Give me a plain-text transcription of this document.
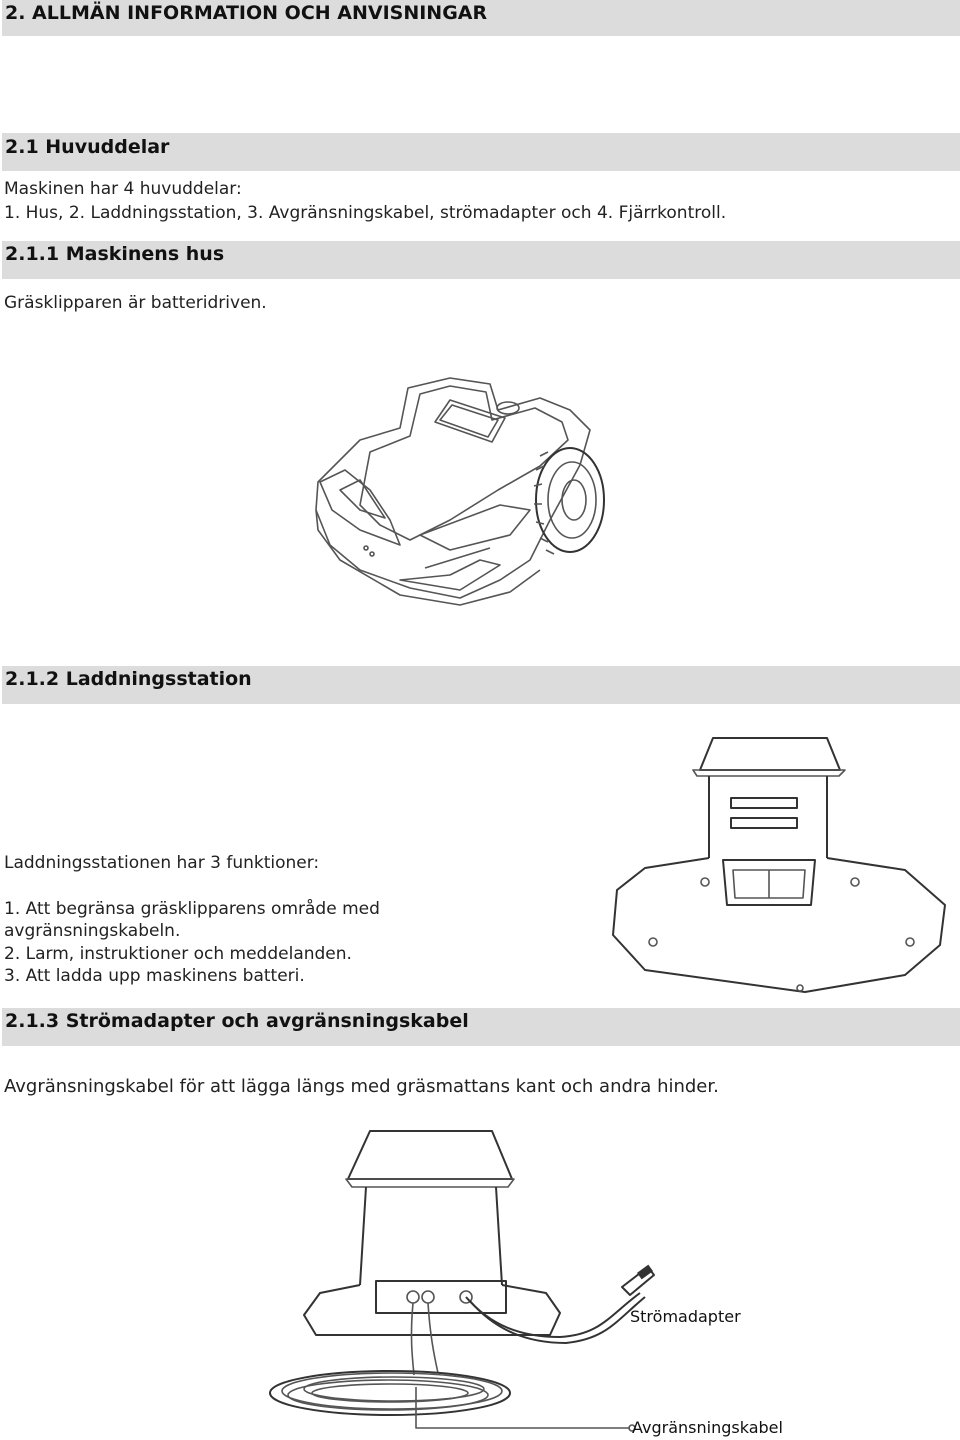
2. ALLMÄN INFORMATION OCH ANVISNINGAR
2.1 Huvuddelar
Maskinen har 4 huvuddelar:
1. Hus, 2. Laddningsstation, 3. Avgränsningskabel, strömadapter och 4. Fjärrkontroll.
2.1.1 Maskinens hus
Gräsklipparen är batteridriven.
2.1.2 Laddningsstation
Laddningsstationen har 3 funktioner:
1. Att begränsa gräsklipparens område med
avgränsningskabeln.
2. Larm, instruktioner och meddelanden.
3. Att ladda upp maskinens batteri.
2.1.3 Strömadapter och avgränsningskabel
Avgränsningskabel för att lägga längs med gräsmattans kant och andra hinder.
Strömadapter
Avgränsningskabel
